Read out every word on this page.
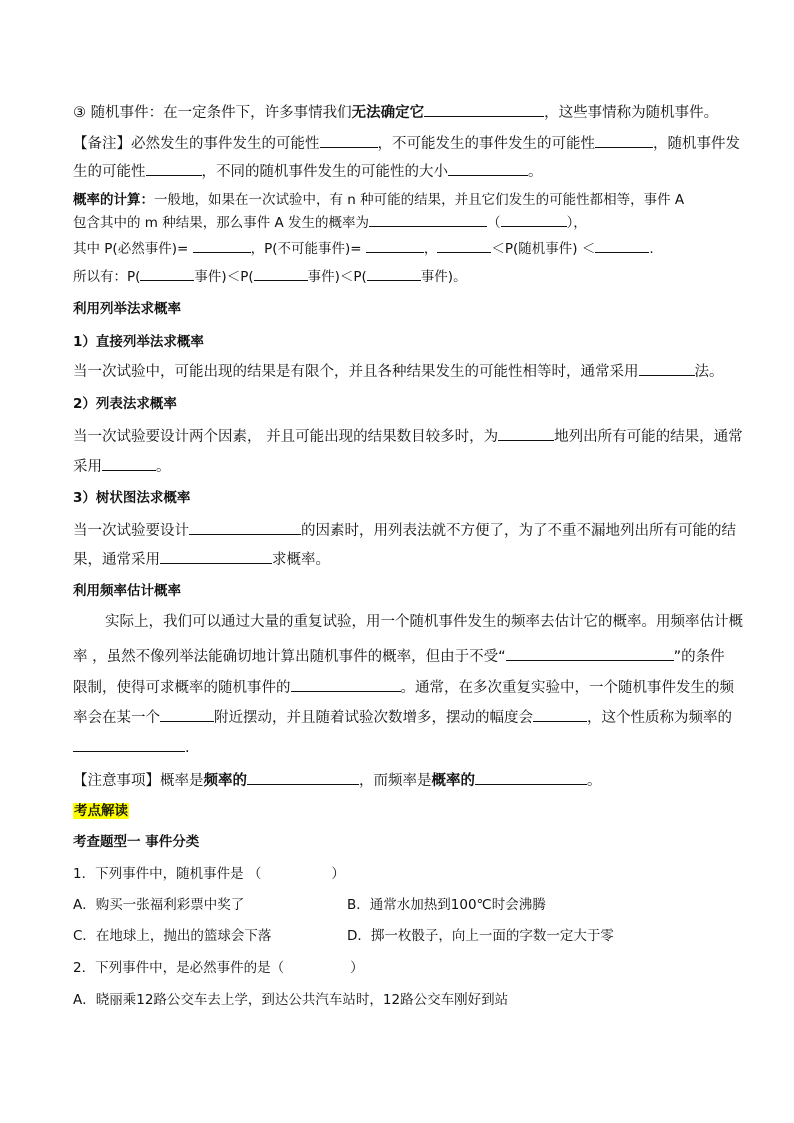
③ 随机事件：在一定条件下，许多事情我们无法确定它	，这些事情称为随机事件。
【备注】必然发生的事件发生的可能性	，不可能发生的事件发生的可能性	，随机事件发
生的可能性	，不同的随机事件发生的可能性的大小	。
概率的计算：一般地，如果在一次试验中，有 n 种可能的结果，并且它们发生的可能性都相等，事件 A
包含其中的 m 种结果，那么事件 A 发生的概率为	（	），
其中 P(必然事件)=	，P(不可能事件)=	，	＜P(随机事件) ＜	.
所以有：P(	事件)＜P(	事件)＜P(	事件)。
利用列举法求概率
1）直接列举法求概率
当一次试验中，可能出现的结果是有限个，并且各种结果发生的可能性相等时，通常采用	法。
2）列表法求概率
当一次试验要设计两个因素， 并且可能出现的结果数目较多时，为	地列出所有可能的结果，通常
采用	。
3）树状图法求概率
当一次试验要设计	的因素时，用列表法就不方便了，为了不重不漏地列出所有可能的结
果，通常采用	求概率。
利用频率估计概率
实际上，我们可以通过大量的重复试验，用一个随机事件发生的频率去估计它的概率。用频率估计概
率 ，虽然不像列举法能确切地计算出随机事件的概率，但由于不受“	”的条件
限制，使得可求概率的随机事件的	。通常，在多次重复实验中，一个随机事件发生的频
率会在某一个	附近摆动，并且随着试验次数增多，摆动的幅度会	，这个性质称为频率的
.
【注意事项】概率是频率的	，而频率是概率的	。
考点解读
考查题型一 事件分类
1．下列事件中，随机事件是 （	）
A．购买一张福利彩票中奖了	B．通常水加热到100℃时会沸腾
C．在地球上，抛出的篮球会下落	D．掷一枚骰子，向上一面的字数一定大于零
2．下列事件中，是必然事件的是（	）
A．晓丽乘12路公交车去上学，到达公共汽车站时，12路公交车刚好到站
